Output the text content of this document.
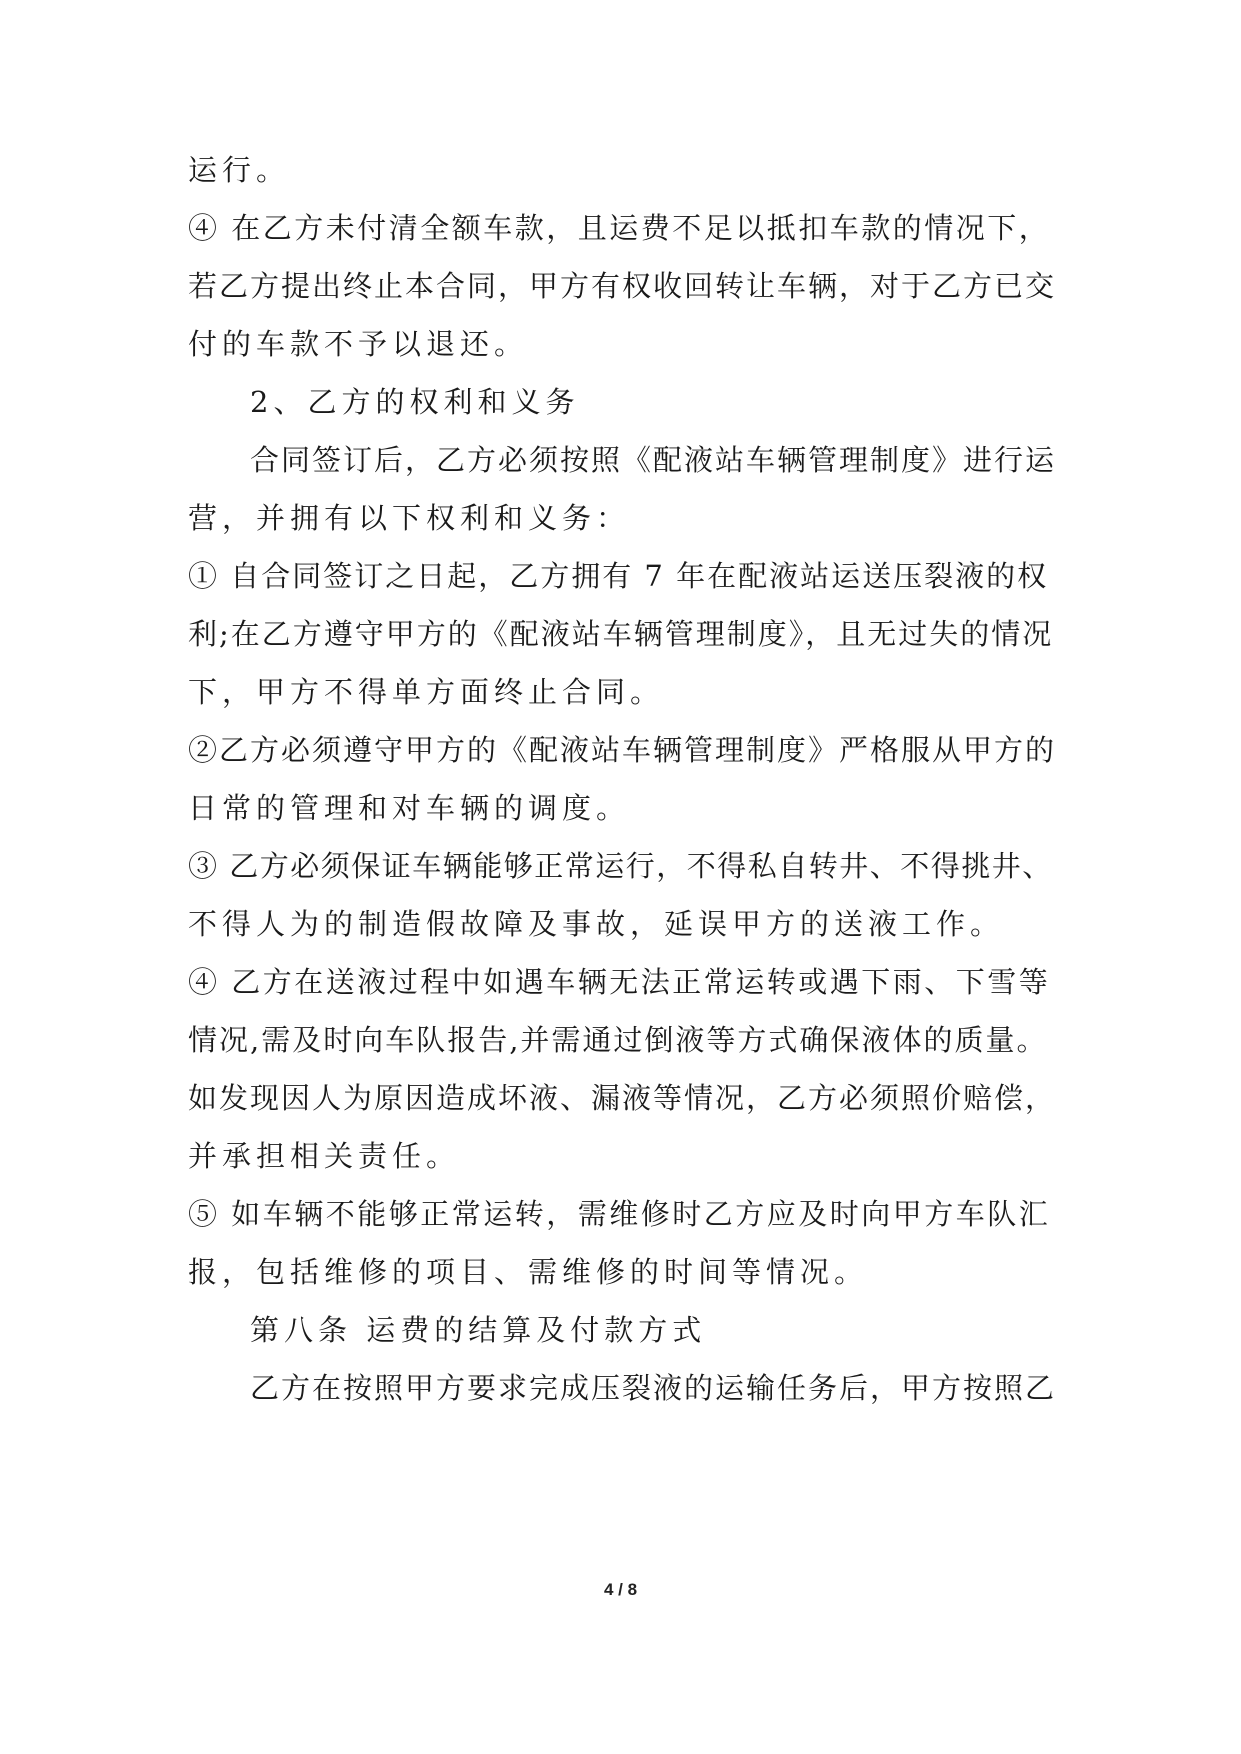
运行。
④ 在乙方未付清全额车款，且运费不足以抵扣车款的情况下，
若乙方提出终止本合同，甲方有权收回转让车辆，对于乙方已交
付的车款不予以退还。
2、乙方的权利和义务
合同签订后，乙方必须按照《配液站车辆管理制度》进行运
营，并拥有以下权利和义务：
① 自合同签订之日起，乙方拥有 7 年在配液站运送压裂液的权
利;在乙方遵守甲方的《配液站车辆管理制度》，且无过失的情况
下，甲方不得单方面终止合同。
②乙方必须遵守甲方的《配液站车辆管理制度》严格服从甲方的
日常的管理和对车辆的调度。
③ 乙方必须保证车辆能够正常运行，不得私自转井、不得挑井、
不得人为的制造假故障及事故，延误甲方的送液工作。
④ 乙方在送液过程中如遇车辆无法正常运转或遇下雨、下雪等
情况,需及时向车队报告,并需通过倒液等方式确保液体的质量。
如发现因人为原因造成坏液、漏液等情况，乙方必须照价赔偿，
并承担相关责任。
⑤ 如车辆不能够正常运转，需维修时乙方应及时向甲方车队汇
报，包括维修的项目、需维修的时间等情况。
第八条 运费的结算及付款方式
乙方在按照甲方要求完成压裂液的运输任务后，甲方按照乙
4 / 8
